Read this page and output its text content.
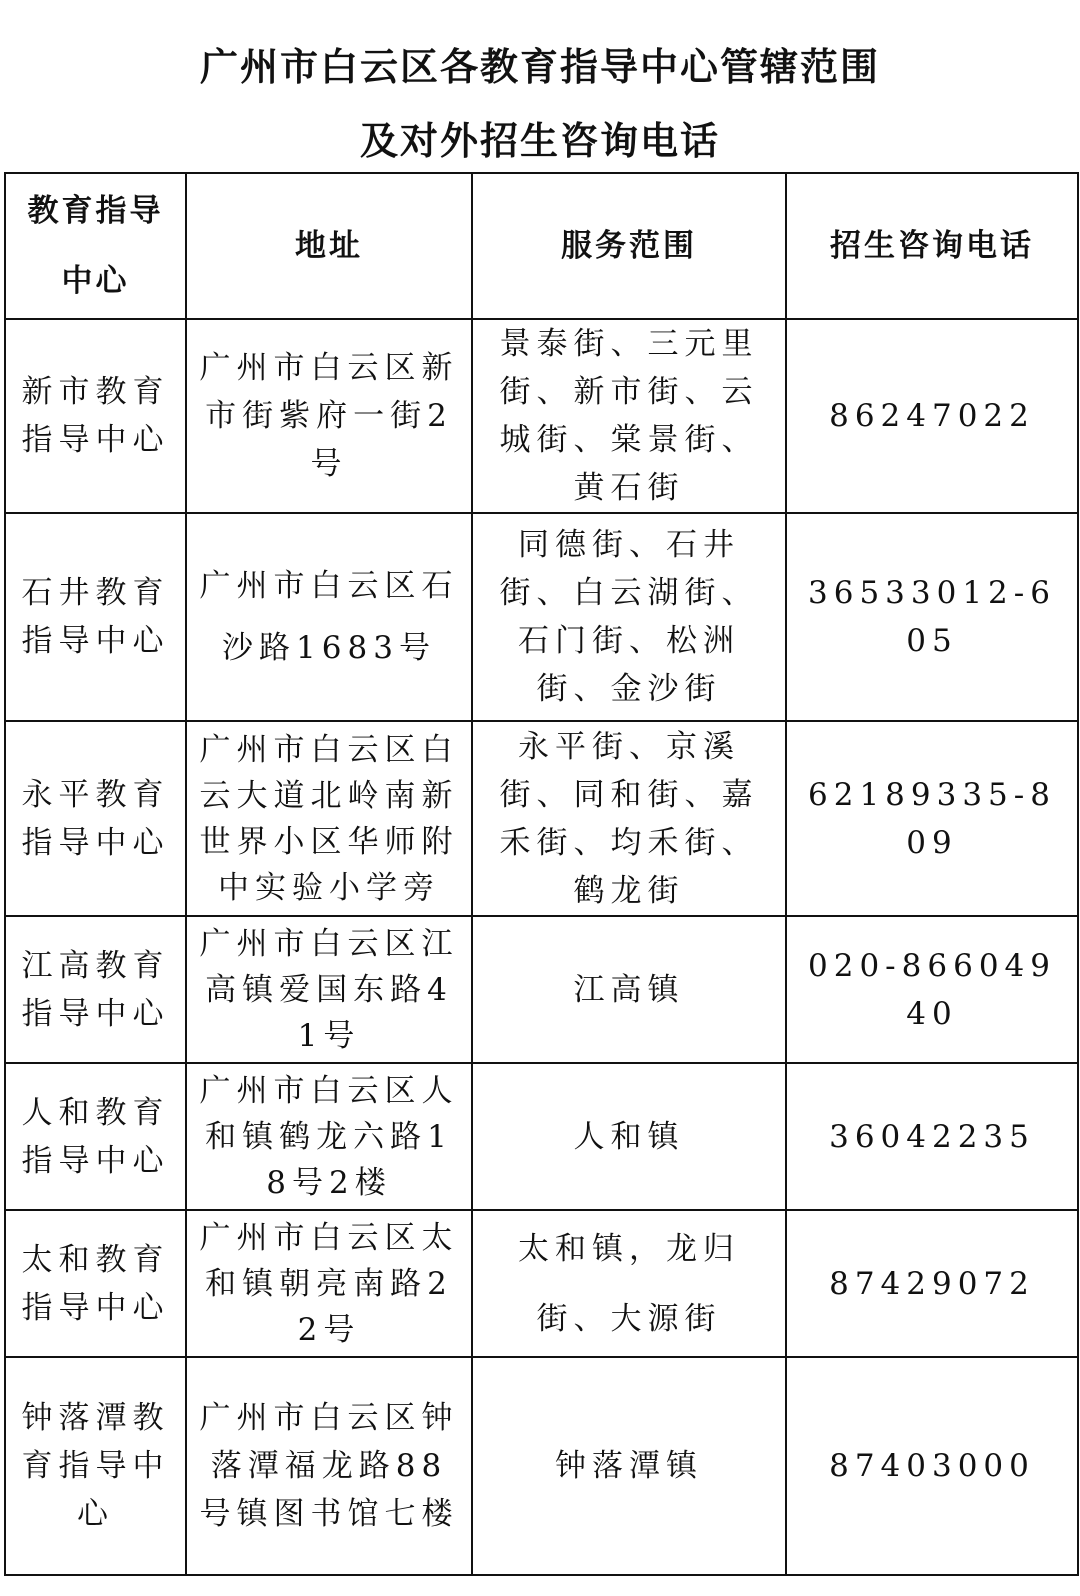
广州市白云区各教育指导中心管辖范围
及对外招生咨询电话
教育指导中心	地址	服务范围	招生咨询电话
新市教育指导中心	广州市白云区新市街紫府一街2号	景泰街、三元里街、新市街、云城街、棠景街、黄石街	86247022
石井教育指导中心	广州市白云区石沙路1683号	同德街、石井街、白云湖街、石门街、松洲街、金沙街	36533012-605
永平教育指导中心	广州市白云区白云大道北岭南新世界小区华师附中实验小学旁	永平街、京溪街、同和街、嘉禾街、均禾街、鹤龙街	62189335-809
江高教育指导中心	广州市白云区江高镇爱国东路41号	江高镇	020-86604940
人和教育指导中心	广州市白云区人和镇鹤龙六路18号2楼	人和镇	36042235
太和教育指导中心	广州市白云区太和镇朝亮南路22号	太和镇，龙归街、大源街	87429072
钟落潭教育指导中心	广州市白云区钟落潭福龙路88号镇图书馆七楼	钟落潭镇	87403000
